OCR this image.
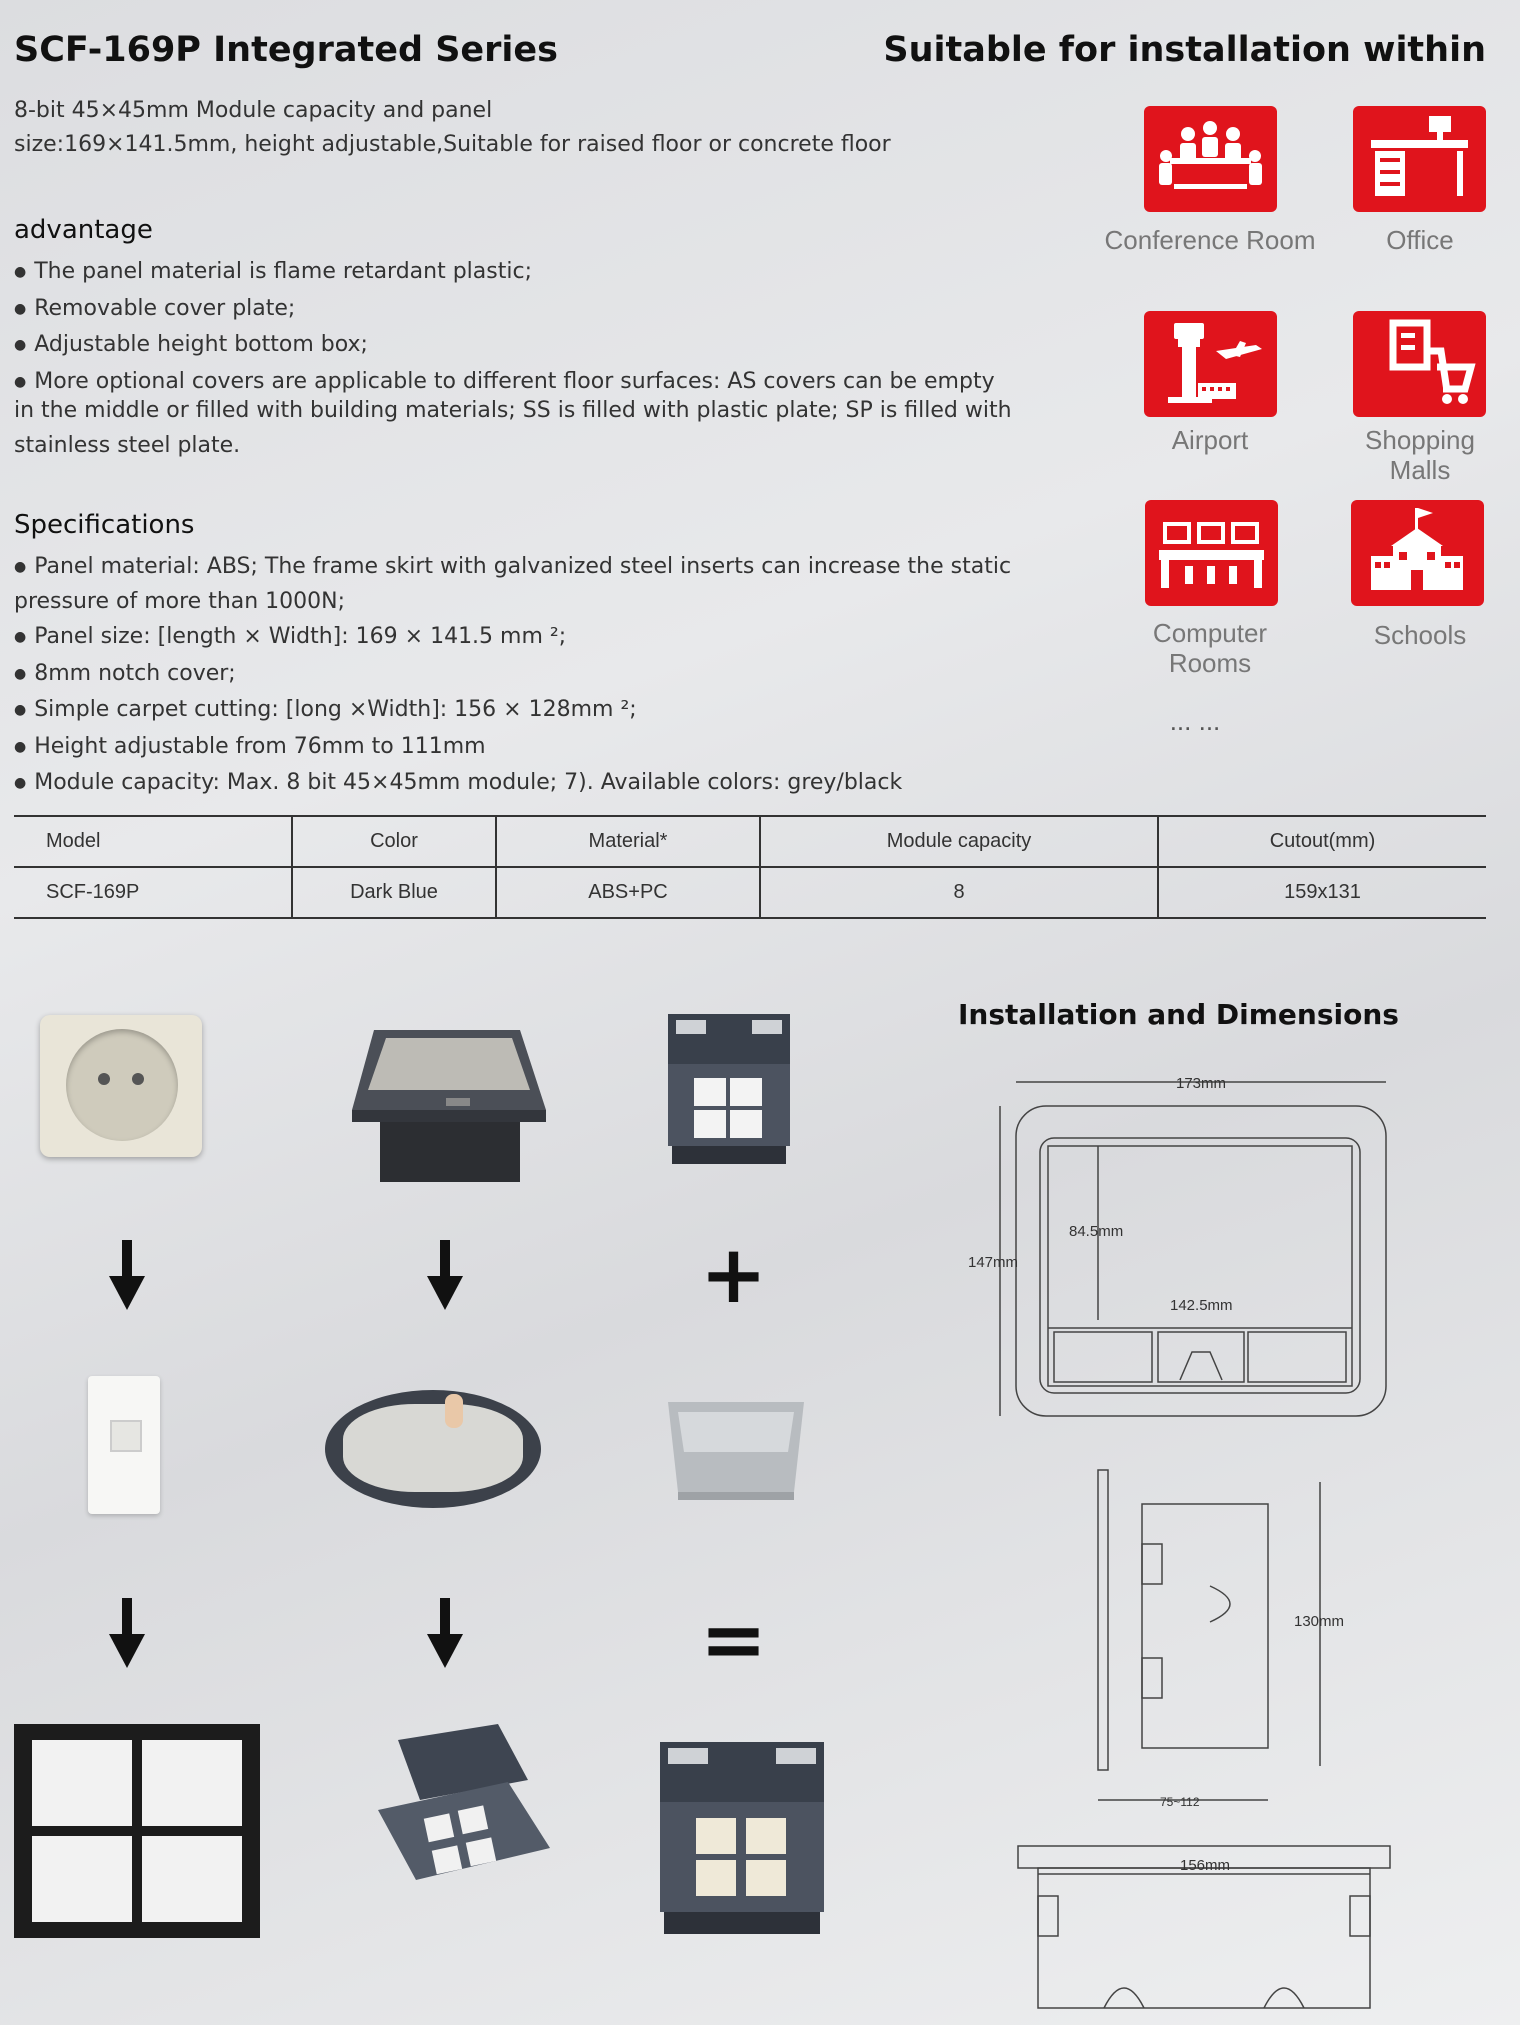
SCF-169P Integrated Series	Suitable for installation within
8-bit 45×45mm Module capacity and panel
size:169×141.5mm, height adjustable,Suitable for raised floor or concrete floor
advantage
● The panel material is flame retardant plastic;
● Removable cover plate;
● Adjustable height bottom box;
● More optional covers are applicable to different floor surfaces: AS covers can be empty
in the middle or filled with building materials; SS is filled with plastic plate; SP is filled with
stainless steel plate.
Specifications
● Panel material: ABS; The frame skirt with galvanized steel inserts can increase the static
pressure of more than 1000N;
● Panel size: [length × Width]: 169 × 141.5 mm ²;
● 8mm notch cover;
● Simple carpet cutting: [long ×Width]: 156 × 128mm ²;
● Height adjustable from 76mm to 111mm
● Module capacity: Max. 8 bit 45×45mm module; 7). Available colors: grey/black
Conference Room	Office
Airport	Shopping
Malls
Computer
Rooms
Schools
... ...
Model	Color	Material*	Module capacity	Cutout(mm)
SCF-169P	Dark Blue	ABS+PC	8	159x131
+
=
Installation and Dimensions
173mm
84.5mm
147mm
142.5mm
130mm
75~112
156mm
